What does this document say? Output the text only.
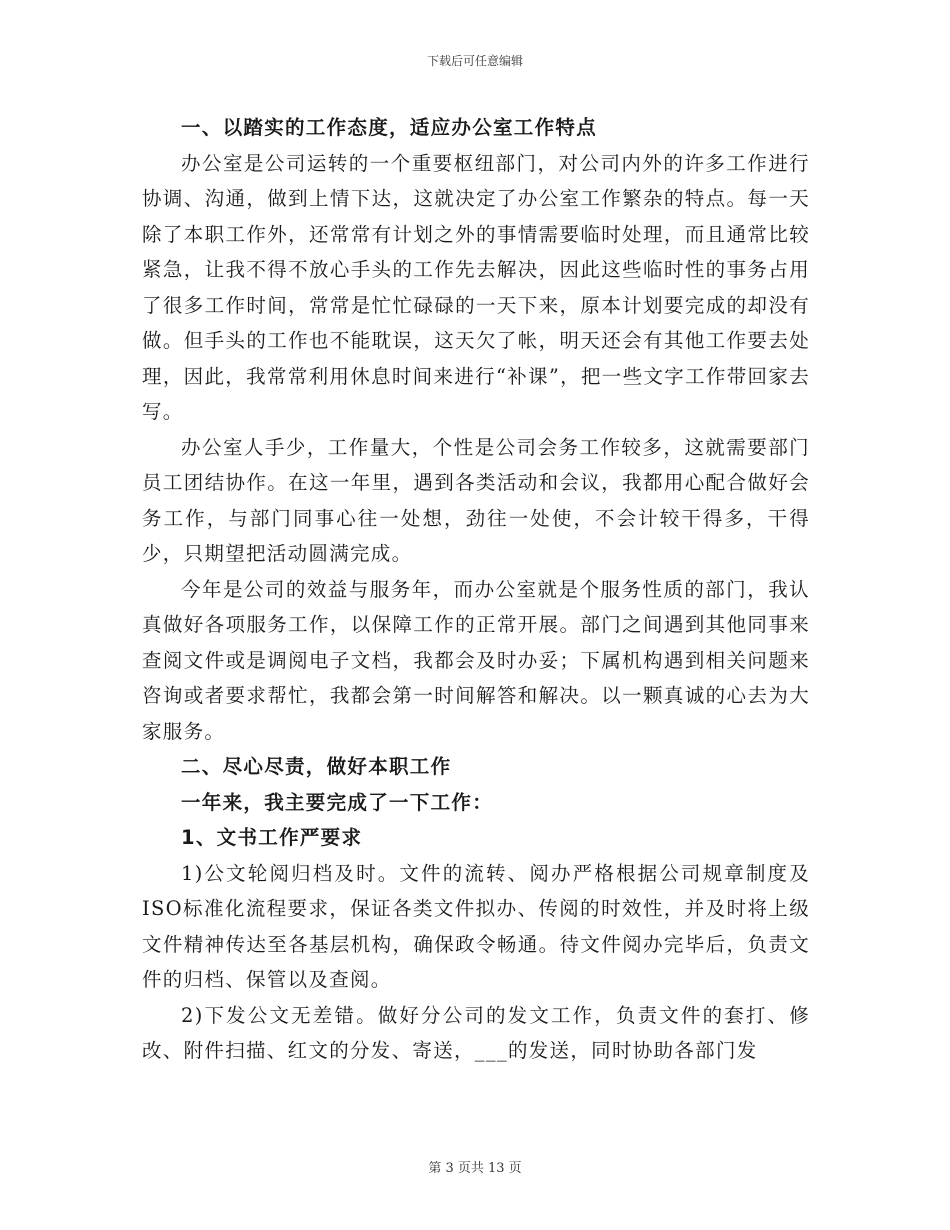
下载后可任意编辑

一、以踏实的工作态度，适应办公室工作特点

办公室是公司运转的一个重要枢纽部门，对公司内外的许多工作进行协调、沟通，做到上情下达，这就决定了办公室工作繁杂的特点。每一天除了本职工作外，还常常有计划之外的事情需要临时处理，而且通常比较紧急，让我不得不放心手头的工作先去解决，因此这些临时性的事务占用了很多工作时间，常常是忙忙碌碌的一天下来，原本计划要完成的却没有做。但手头的工作也不能耽误，这天欠了帐，明天还会有其他工作要去处理，因此，我常常利用休息时间来进行“补课”，把一些文字工作带回家去写。

办公室人手少，工作量大，个性是公司会务工作较多，这就需要部门员工团结协作。在这一年里，遇到各类活动和会议，我都用心配合做好会务工作，与部门同事心往一处想，劲往一处使，不会计较干得多，干得少，只期望把活动圆满完成。

今年是公司的效益与服务年，而办公室就是个服务性质的部门，我认真做好各项服务工作，以保障工作的正常开展。部门之间遇到其他同事来查阅文件或是调阅电子文档，我都会及时办妥；下属机构遇到相关问题来咨询或者要求帮忙，我都会第一时间解答和解决。以一颗真诚的心去为大家服务。

二、尽心尽责，做好本职工作

一年来，我主要完成了一下工作：

1、文书工作严要求

1)公文轮阅归档及时。文件的流转、阅办严格根据公司规章制度及ISO标准化流程要求，保证各类文件拟办、传阅的时效性，并及时将上级文件精神传达至各基层机构，确保政令畅通。待文件阅办完毕后，负责文件的归档、保管以及查阅。

2)下发公文无差错。做好分公司的发文工作，负责文件的套打、修改、附件扫描、红文的分发、寄送，___的发送，同时协助各部门发

第 3 页共 13 页
